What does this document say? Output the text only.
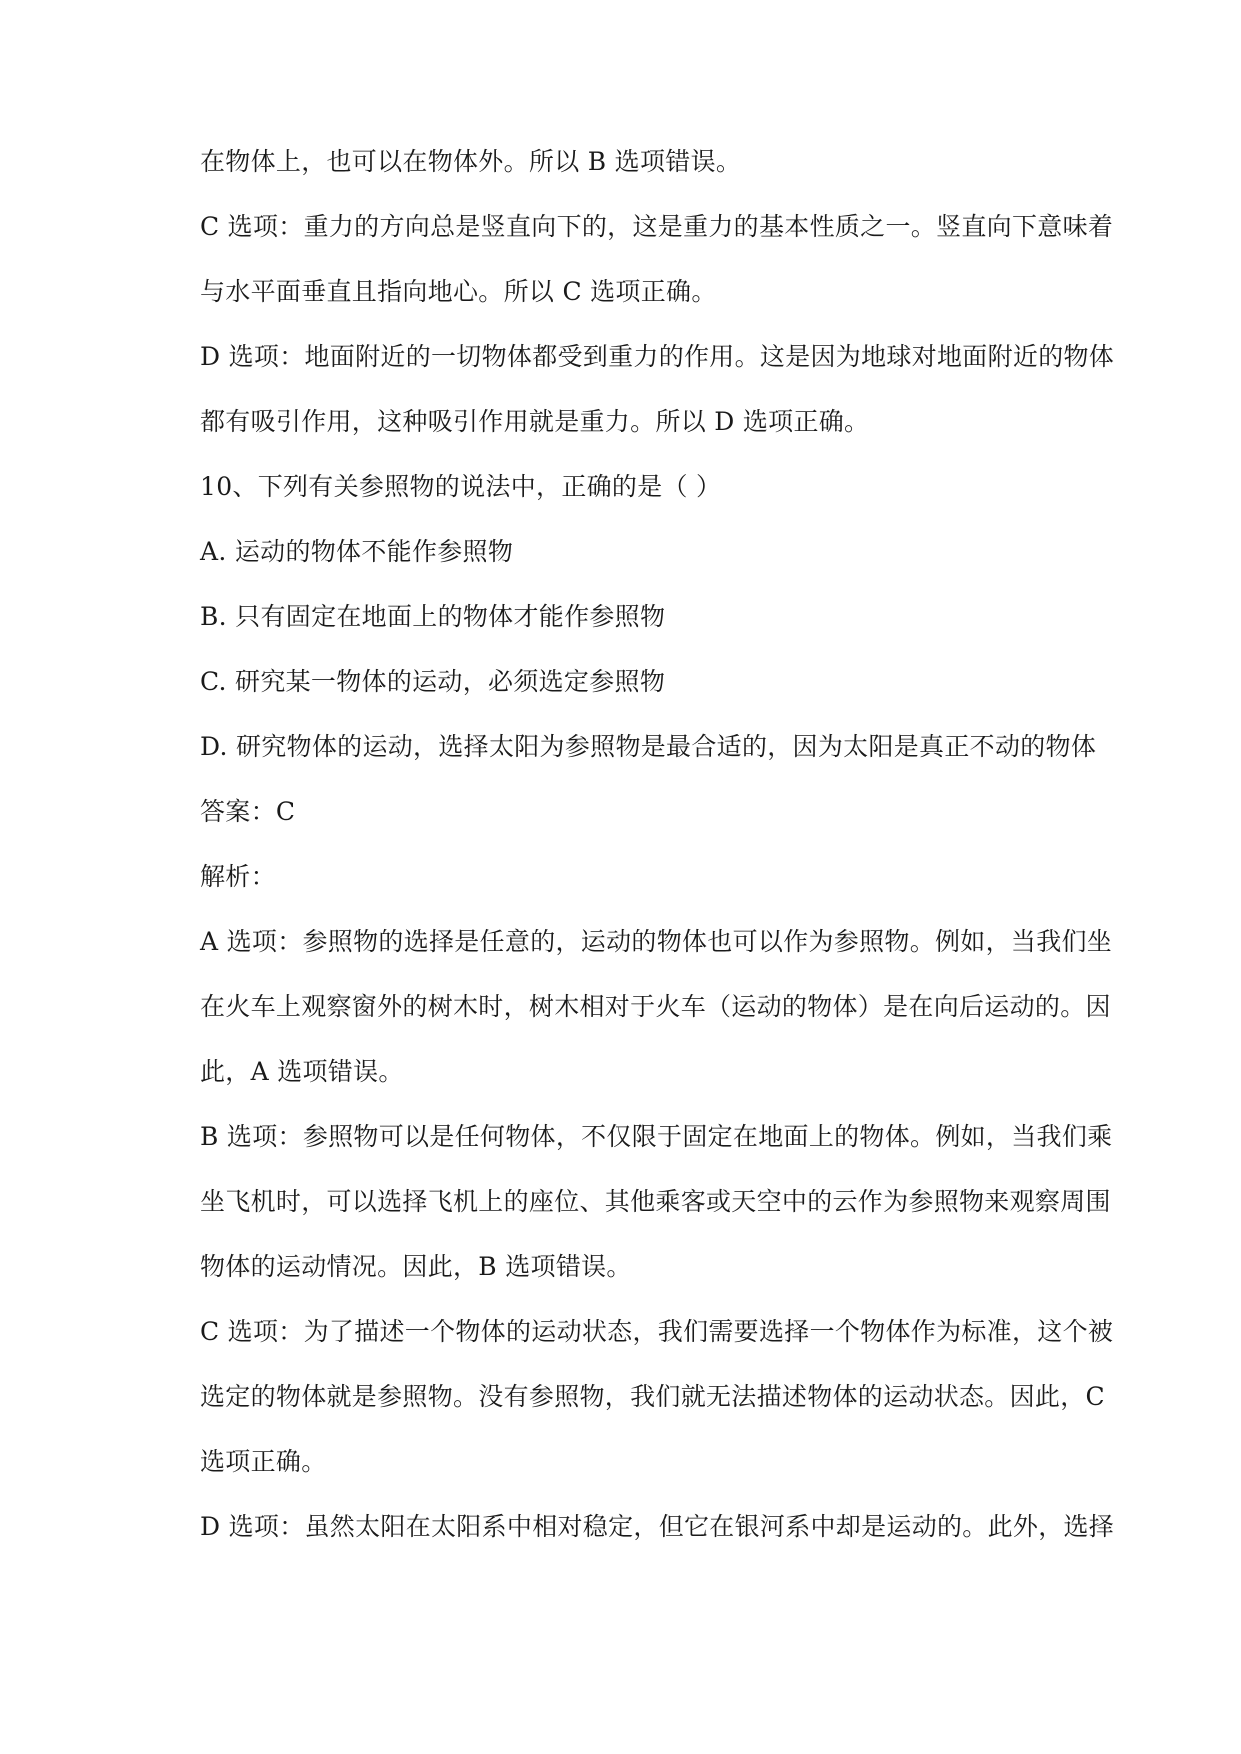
在物体上，也可以在物体外。所以 B 选项错误。
C 选项：重力的方向总是竖直向下的，这是重力的基本性质之一。竖直向下意味着
与水平面垂直且指向地心。所以 C 选项正确。
D 选项：地面附近的一切物体都受到重力的作用。这是因为地球对地面附近的物体
都有吸引作用，这种吸引作用就是重力。所以 D 选项正确。
10、下列有关参照物的说法中，正确的是（ ）
A. 运动的物体不能作参照物
B. 只有固定在地面上的物体才能作参照物
C. 研究某一物体的运动，必须选定参照物
D. 研究物体的运动，选择太阳为参照物是最合适的，因为太阳是真正不动的物体
答案：C
解析：
A 选项：参照物的选择是任意的，运动的物体也可以作为参照物。例如，当我们坐
在火车上观察窗外的树木时，树木相对于火车（运动的物体）是在向后运动的。因
此，A 选项错误。
B 选项：参照物可以是任何物体，不仅限于固定在地面上的物体。例如，当我们乘
坐飞机时，可以选择飞机上的座位、其他乘客或天空中的云作为参照物来观察周围
物体的运动情况。因此，B 选项错误。
C 选项：为了描述一个物体的运动状态，我们需要选择一个物体作为标准，这个被
选定的物体就是参照物。没有参照物，我们就无法描述物体的运动状态。因此，C
选项正确。
D 选项：虽然太阳在太阳系中相对稳定，但它在银河系中却是运动的。此外，选择
